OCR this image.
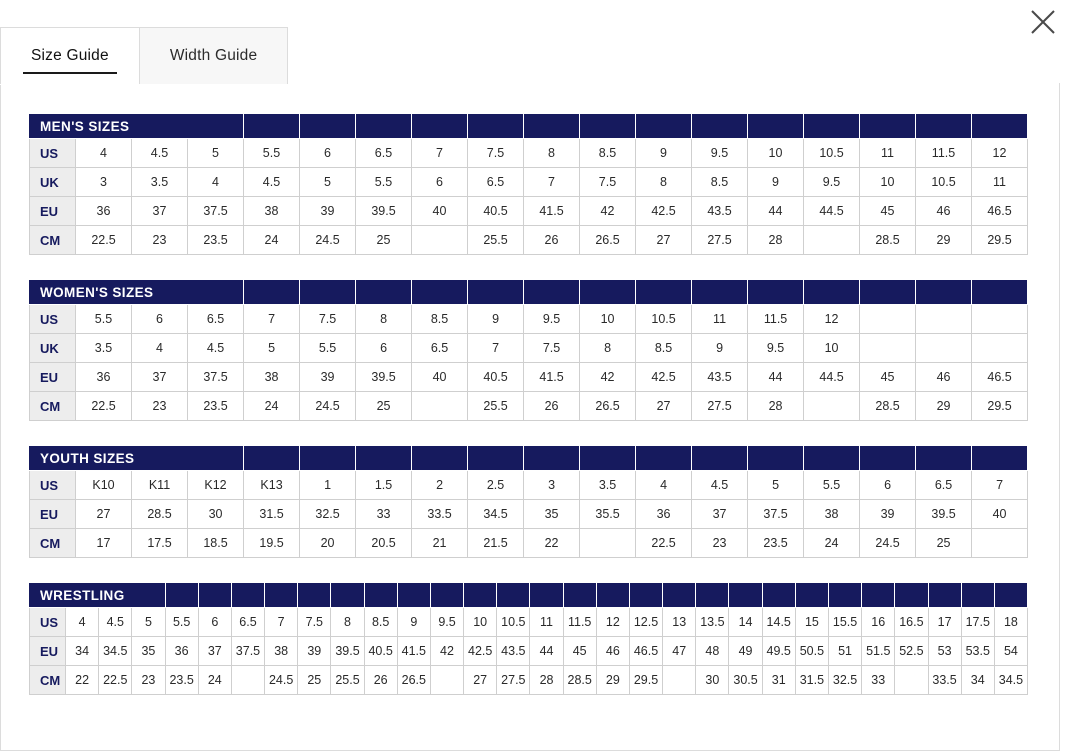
Size Guide	Width Guide
MEN'S SIZES																	
US	4	4.5	5	5.5	6	6.5	7	7.5	8	8.5	9	9.5	10	10.5	11	11.5	12
UK	3	3.5	4	4.5	5	5.5	6	6.5	7	7.5	8	8.5	9	9.5	10	10.5	11
EU	36	37	37.5	38	39	39.5	40	40.5	41.5	42	42.5	43.5	44	44.5	45	46	46.5
CM	22.5	23	23.5	24	24.5	25		25.5	26	26.5	27	27.5	28		28.5	29	29.5
WOMEN'S SIZES																	
US	5.5	6	6.5	7	7.5	8	8.5	9	9.5	10	10.5	11	11.5	12			
UK	3.5	4	4.5	5	5.5	6	6.5	7	7.5	8	8.5	9	9.5	10			
EU	36	37	37.5	38	39	39.5	40	40.5	41.5	42	42.5	43.5	44	44.5	45	46	46.5
CM	22.5	23	23.5	24	24.5	25		25.5	26	26.5	27	27.5	28		28.5	29	29.5
YOUTH SIZES																	
US	K10	K11	K12	K13	1	1.5	2	2.5	3	3.5	4	4.5	5	5.5	6	6.5	7
EU	27	28.5	30	31.5	32.5	33	33.5	34.5	35	35.5	36	37	37.5	38	39	39.5	40
CM	17	17.5	18.5	19.5	20	20.5	21	21.5	22		22.5	23	23.5	24	24.5	25	
WRESTLING																													
US	4	4.5	5	5.5	6	6.5	7	7.5	8	8.5	9	9.5	10	10.5	11	11.5	12	12.5	13	13.5	14	14.5	15	15.5	16	16.5	17	17.5	18
EU	34	34.5	35	36	37	37.5	38	39	39.5	40.5	41.5	42	42.5	43.5	44	45	46	46.5	47	48	49	49.5	50.5	51	51.5	52.5	53	53.5	54
CM	22	22.5	23	23.5	24		24.5	25	25.5	26	26.5		27	27.5	28	28.5	29	29.5		30	30.5	31	31.5	32.5	33		33.5	34	34.5
